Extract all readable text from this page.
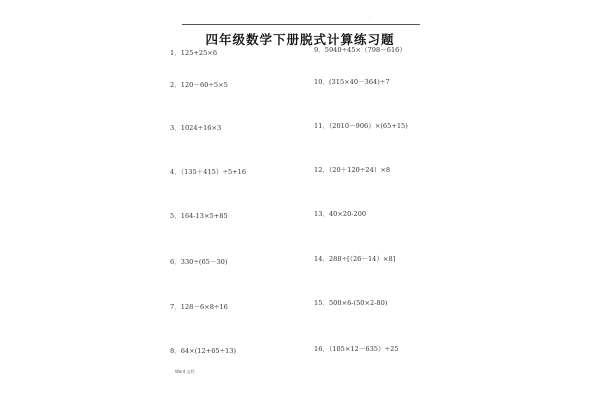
·
四年级数学下册脱式计算练习题
1．125+25×6
2．120－60÷5×5
3．1024÷16×3
4．（135＋415）÷5+16
5．164-13×5+85
6．330÷(65－30)
7．128－6×8÷16
8．64×(12+65÷13)
9．5940÷45×（798－616）
10．(315×40－364)÷7
11．（2010－906）×(65+15)
12．（20＋120÷24）×8
13．40×20-200
14．288÷[（26－14）×8]
15．500×6-(50×2-80)
16．（105×12－635）÷25
Word 文档
